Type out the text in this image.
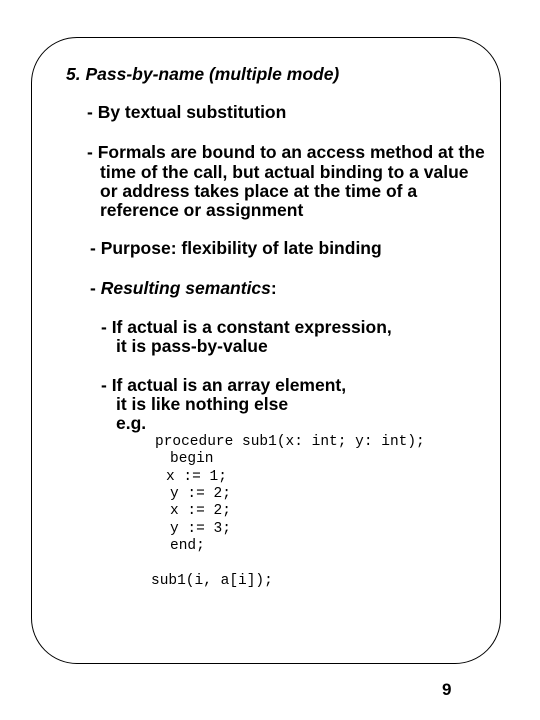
5. Pass-by-name (multiple mode)
- By textual substitution
- Formals are bound to an access method at the
time of the call, but actual binding to a value
or address takes place at the time of a
reference or assignment
- Purpose: flexibility of late binding
- Resulting semantics:
- If actual is a constant expression,
it is pass-by-value
- If actual is an array element,
it is like nothing else
e.g.
procedure sub1(x: int; y: int);
begin
x := 1;
y := 2;
x := 2;
y := 3;
end;
sub1(i, a[i]);
9
